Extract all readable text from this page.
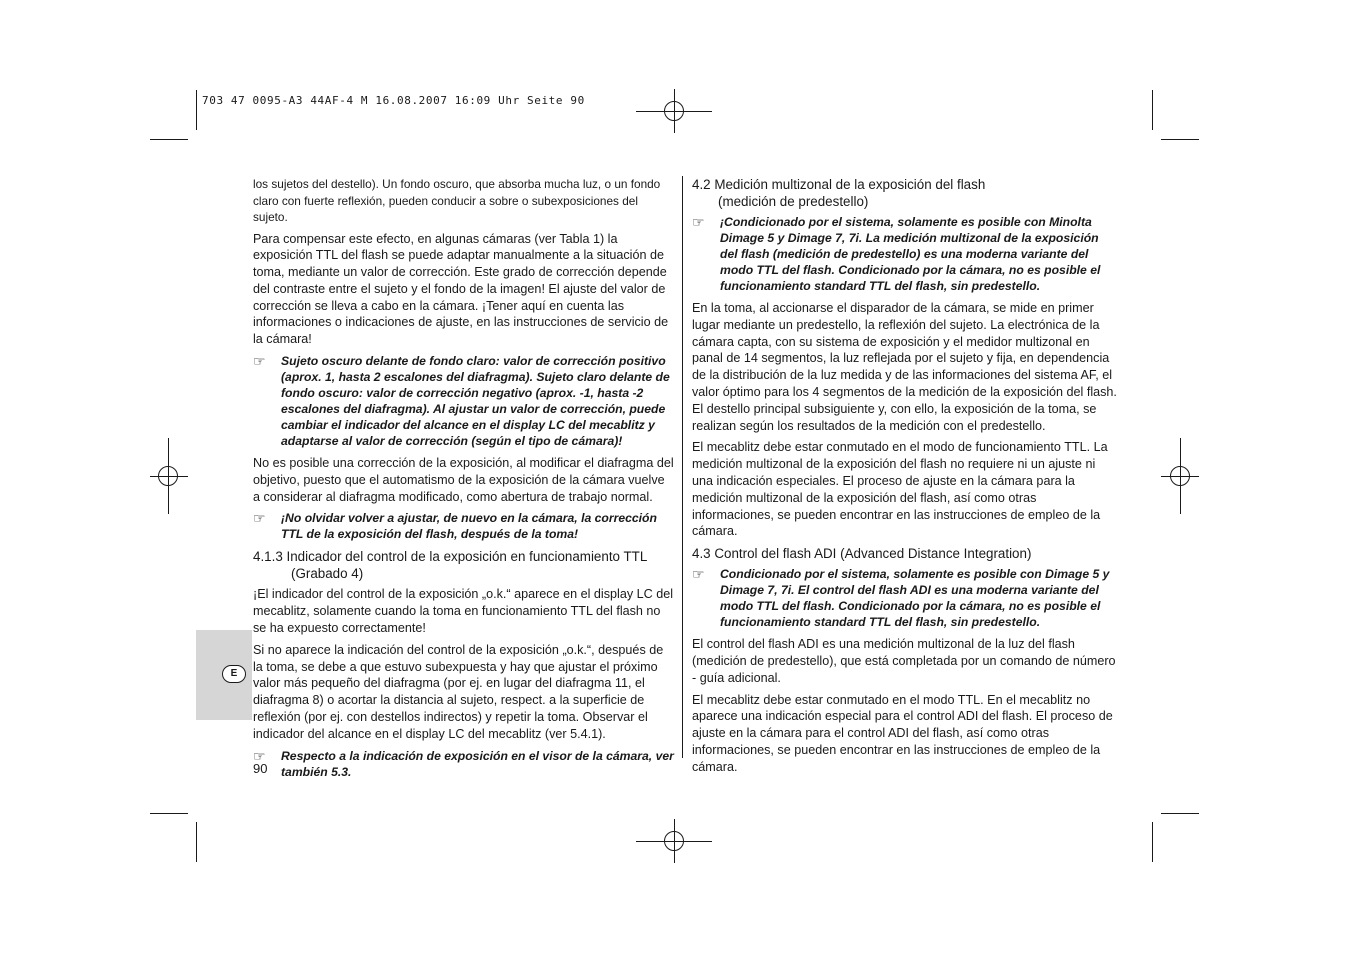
703 47 0095-A3 44AF-4 M 16.08.2007 16:09 Uhr Seite 90
E

los sujetos del destello). Un fondo oscuro, que absorba mucha luz, o un fondo claro con fuerte reflexión, pueden conducir a sobre o subexposiciones del sujeto.

Para compensar este efecto, en algunas cámaras (ver Tabla 1) la exposición TTL del flash se puede adaptar manualmente a la situación de toma, mediante un valor de corrección. Este grado de corrección depende del contraste entre el sujeto y el fondo de la imagen! El ajuste del valor de corrección se lleva a cabo en la cámara. ¡Tener aquí en cuenta las informaciones o indicaciones de ajuste, en las instrucciones de servicio de la cámara!

☞	Sujeto oscuro delante de fondo claro: valor de corrección positivo (aprox. 1, hasta 2 escalones del diafragma). Sujeto claro delante de fondo oscuro: valor de corrección negativo (aprox. -1, hasta -2 escalones del diafragma). Al ajustar un valor de corrección, puede cambiar el indicador del alcance en el display LC del mecablitz y adaptarse al valor de corrección (según el tipo de cámara)!

No es posible una corrección de la exposición, al modificar el diafragma del objetivo, puesto que el automatismo de la exposición de la cámara vuelve a considerar al diafragma modificado, como abertura de trabajo normal.

☞	¡No olvidar volver a ajustar, de nuevo en la cámara, la corrección TTL de la exposición del flash, después de la toma!
4.1.3 Indicador del control de la exposición en funcionamiento TTL
(Grabado 4)

¡El indicador del control de la exposición „o.k.“ aparece en el display LC del mecablitz, solamente cuando la toma en funcionamiento TTL del flash no se ha expuesto correctamente!

Si no aparece la indicación del control de la exposición „o.k.“, después de la toma, se debe a que estuvo subexpuesta y hay que ajustar el próximo valor más pequeño del diafragma (por ej. en lugar del diafragma 11, el diafragma 8) o acortar la distancia al sujeto, respect. a la superficie de reflexión (por ej. con destellos indirectos) y repetir la toma. Observar el indicador del alcance en el display LC del mecablitz (ver 5.4.1).

☞	Respecto a la indicación de exposición en el visor de la cámara, ver también 5.3.
4.2 Medición multizonal de la exposición del flash
(medición de predestello)
☞	¡Condicionado por el sistema, solamente es posible con Minolta Dimage 5 y Dimage 7, 7i. La medición multizonal de la exposición del flash (medición de predestello) es una moderna variante del modo TTL del flash. Condicionado por la cámara, no es posible el funcionamiento standard TTL del flash, sin predestello.

En la toma, al accionarse el disparador de la cámara, se mide en primer lugar mediante un predestello, la reflexión del sujeto. La electrónica de la cámara capta, con su sistema de exposición y el medidor multizonal en panal de 14 segmentos, la luz reflejada por el sujeto y fija, en dependencia de la distribución de la luz medida y de las informaciones del sistema AF, el valor óptimo para los 4 segmentos de la medición de la exposición del flash. El destello principal subsiguiente y, con ello, la exposición de la toma, se realizan según los resultados de la medición con el predestello.

El mecablitz debe estar conmutado en el modo de funcionamiento TTL. La medición multizonal de la exposición del flash no requiere ni un ajuste ni una indicación especiales. El proceso de ajuste en la cámara para la medición multizonal de la exposición del flash, así como otras informaciones, se pueden encontrar en las instrucciones de empleo de la cámara.

4.3 Control del flash ADI (Advanced Distance Integration)
☞	Condicionado por el sistema, solamente es posible con Dimage 5 y Dimage 7, 7i. El control del flash ADI es una moderna variante del modo TTL del flash. Condicionado por la cámara, no es posible el funcionamiento standard TTL del flash, sin predestello.

El control del flash ADI es una medición multizonal de la luz del flash (medición de predestello), que está completada por un comando de número - guía adicional.

El mecablitz debe estar conmutado en el modo TTL. En el mecablitz no aparece una indicación especial para el control ADI del flash. El proceso de ajuste en la cámara para el control ADI del flash, así como otras informaciones, se pueden encontrar en las instrucciones de empleo de la cámara.

90
